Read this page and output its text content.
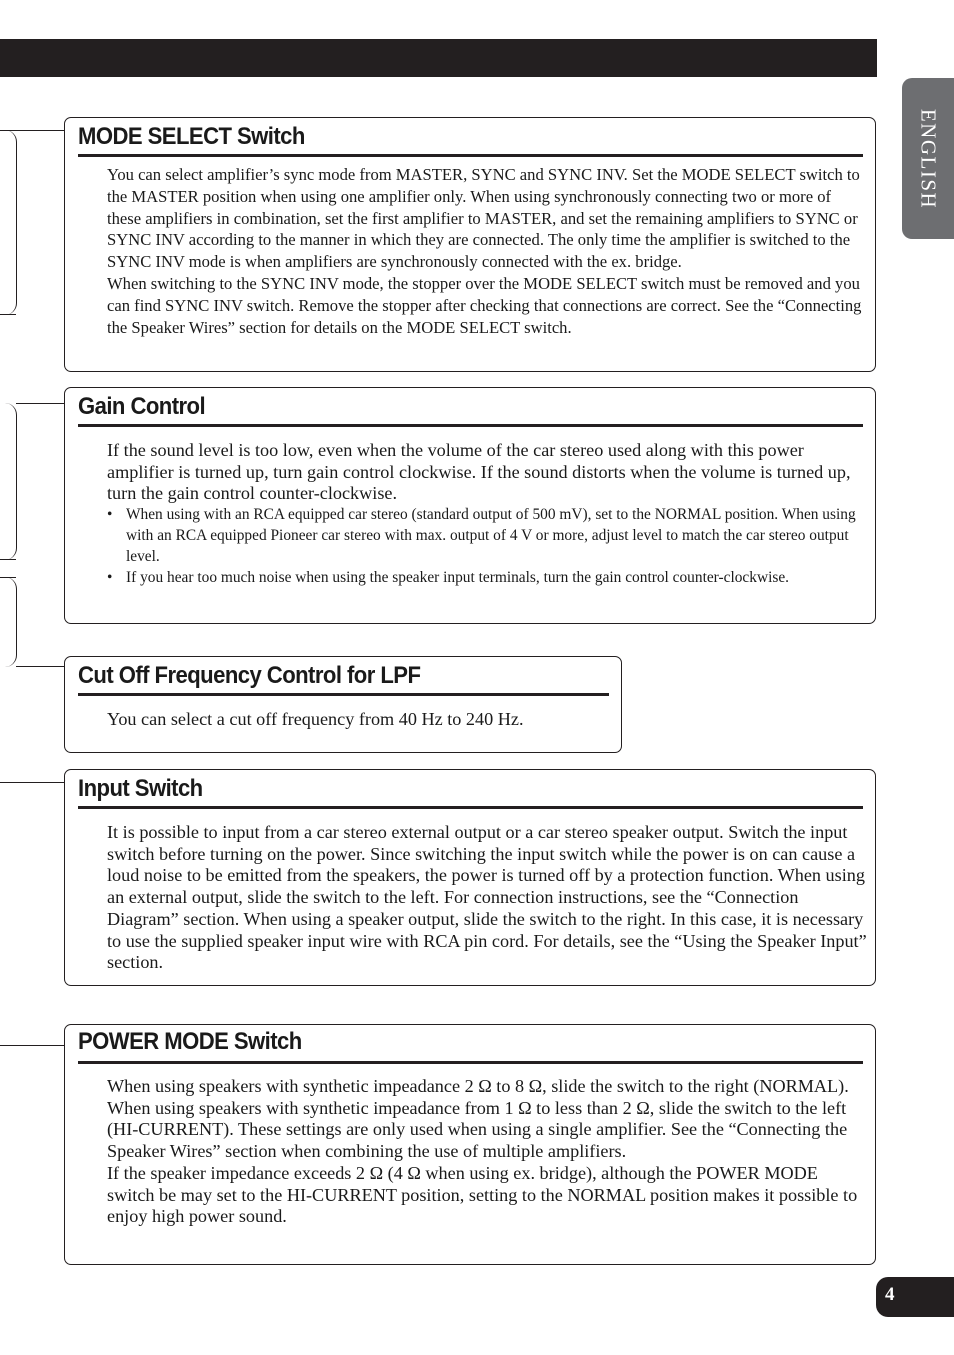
ENGLISH
MODE SELECT Switch

You can select amplifier’s sync mode from MASTER, SYNC and SYNC INV. Set the MODE SELECT switch to the MASTER position when using one amplifier only. When using synchronously connecting two or more of these amplifiers in combination, set the first amplifier to MASTER, and set the remaining amplifiers to SYNC or SYNC INV according to the manner in which they are connected. The only time the amplifier is switched to the SYNC INV mode is when amplifiers are synchronously connected with the ex. bridge.

When switching to the SYNC INV mode, the stopper over the MODE SELECT switch must be removed and you can find SYNC INV switch. Remove the stopper after checking that connections are correct. See the “Connecting the Speaker Wires” section for details on the MODE SELECT switch.

Gain Control

If the sound level is too low, even when the volume of the car stereo used along with this power amplifier is turned up, turn gain control clockwise. If the sound distorts when the volume is turned up, turn the gain control counter-clockwise.

• When using with an RCA equipped car stereo (standard output of 500 mV), set to the NORMAL position. When using with an RCA equipped Pioneer car stereo with max. output of 4 V or more, adjust level to match the car stereo output level.
• If you hear too much noise when using the speaker input terminals, turn the gain control counter-clockwise.
Cut Off Frequency Control for LPF

You can select a cut off frequency from 40 Hz to 240 Hz.

Input Switch

It is possible to input from a car stereo external output or a car stereo speaker output. Switch the input switch before turning on the power. Since switching the input switch while the power is on can cause a loud noise to be emitted from the speakers, the power is turned off by a protection function. When using an external output, slide the switch to the left. For connection instructions, see the “Connection Diagram” section. When using a speaker output, slide the switch to the right. In this case, it is necessary to use the supplied speaker input wire with RCA pin cord. For details, see the “Using the Speaker Input” section.

POWER MODE Switch

When using speakers with synthetic impeadance 2 Ω to 8 Ω, slide the switch to the right (NORMAL). When using speakers with synthetic impeadance from 1 Ω to less than 2 Ω, slide the switch to the left (HI-CURRENT). These settings are only used when using a single amplifier. See the “Connecting the Speaker Wires” section when combining the use of multiple amplifiers.

If the speaker impedance exceeds 2 Ω (4 Ω when using ex. bridge), although the POWER MODE switch be may set to the HI-CURRENT position, setting to the NORMAL position makes it possible to enjoy high power sound.

4
